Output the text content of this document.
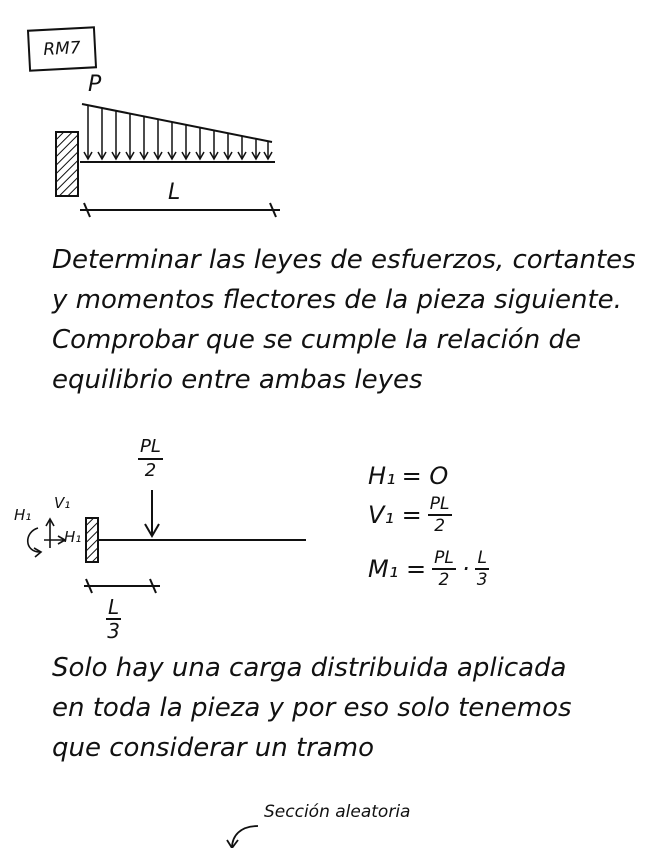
RM7
P
L
Determinar las leyes de esfuerzos, cortantes
y momentos flectores de la pieza siguiente.
Comprobar que se cumple la relación de
equilibrio entre ambas leyes
$\frac{PL}{2}$
V₁
H₁
H₁
$\frac{L}{3}$
H₁ = O
$V_1 = \frac{PL}{2}$
$M_1 = \frac{PL}{2} \cdot \frac{L}{3}$
Solo hay una carga distribuida aplicada
en toda la pieza y por eso solo tenemos
que considerar un tramo
Sección aleatoria
